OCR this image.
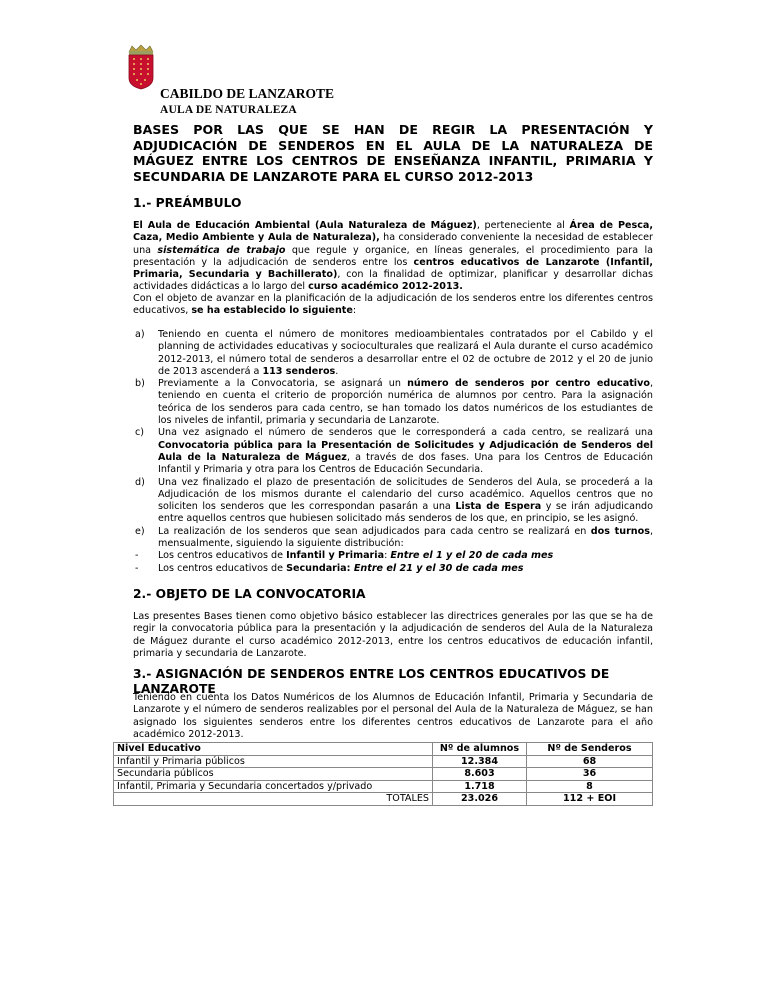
CABILDO DE LANZAROTE
AULA DE NATURALEZA
BASES POR LAS QUE SE HAN DE REGIR LA PRESENTACIÓN Y
ADJUDICACIÓN DE SENDEROS EN EL AULA DE LA NATURALEZA DE MÁGUEZ ENTRE LOS CENTROS DE ENSEÑANZA INFANTIL, PRIMARIA Y SECUNDARIA DE LANZAROTE PARA EL CURSO 2012-2013
1.- PREÁMBULO

El Aula de Educación Ambiental (Aula Naturaleza de Máguez), perteneciente al Área de Pesca, Caza, Medio Ambiente y Aula de Naturaleza), ha considerado conveniente la necesidad de establecer una sistemática de trabajo que regule y organice, en líneas generales, el procedimiento para la presentación y la adjudicación de senderos entre los centros educativos de Lanzarote (Infantil, Primaria, Secundaria y Bachillerato), con la finalidad de optimizar, planificar y desarrollar dichas actividades didácticas a lo largo del curso académico 2012-2013.

Con el objeto de avanzar en la planificación de la adjudicación de los senderos entre los diferentes centros educativos, se ha establecido lo siguiente:

a)	Teniendo en cuenta el número de monitores medioambientales contratados por el Cabildo y el planning de actividades educativas y socioculturales que realizará el Aula durante el curso académico 2012-2013, el número total de senderos a desarrollar entre el 02 de octubre de 2012 y el 20 de junio de 2013 ascenderá a 113 senderos.
b)	Previamente a la Convocatoria, se asignará un número de senderos por centro educativo, teniendo en cuenta el criterio de proporción numérica de alumnos por centro. Para la asignación teórica de los senderos para cada centro, se han tomado los datos numéricos de los estudiantes de los niveles de infantil, primaria y secundaria de Lanzarote.
c)	Una vez asignado el número de senderos que le corresponderá a cada centro, se realizará una Convocatoria pública para la Presentación de Solicitudes y Adjudicación de Senderos del Aula de la Naturaleza de Máguez, a través de dos fases. Una para los Centros de Educación Infantil y Primaria y otra para los Centros de Educación Secundaria.
d)	Una vez finalizado el plazo de presentación de solicitudes de Senderos del Aula, se procederá a la Adjudicación de los mismos durante el calendario del curso académico. Aquellos centros que no soliciten los senderos que les correspondan pasarán a una Lista de Espera y se irán adjudicando entre aquellos centros que hubiesen solicitado más senderos de los que, en principio, se les asignó.
e)	La realización de los senderos que sean adjudicados para cada centro se realizará en dos turnos, mensualmente, siguiendo la siguiente distribución:
-	Los centros educativos de Infantil y Primaria: Entre el 1 y el 20 de cada mes
-	Los centros educativos de Secundaria: Entre el 21 y el 30 de cada mes
2.- OBJETO DE LA CONVOCATORIA

Las presentes Bases tienen como objetivo básico establecer las directrices generales por las que se ha de regir la convocatoria pública para la presentación y la adjudicación de senderos del Aula de la Naturaleza de Máguez durante el curso académico 2012-2013, entre los centros educativos de educación infantil, primaria y secundaria de Lanzarote.

3.- ASIGNACIÓN DE SENDEROS ENTRE LOS CENTROS EDUCATIVOS DE LANZAROTE

Teniendo en cuenta los Datos Numéricos de los Alumnos de Educación Infantil, Primaria y Secundaria de Lanzarote y el número de senderos realizables por el personal del Aula de la Naturaleza de Máguez, se han asignado los siguientes senderos entre los diferentes centros educativos de Lanzarote para el año académico 2012-2013.

Nivel Educativo	Nº de alumnos	Nº de Senderos
Infantil y Primaria públicos	12.384	68
Secundaria públicos	8.603	36
Infantil, Primaria y Secundaria concertados y/privado	1.718	8
TOTALES	23.026	112 + EOI
